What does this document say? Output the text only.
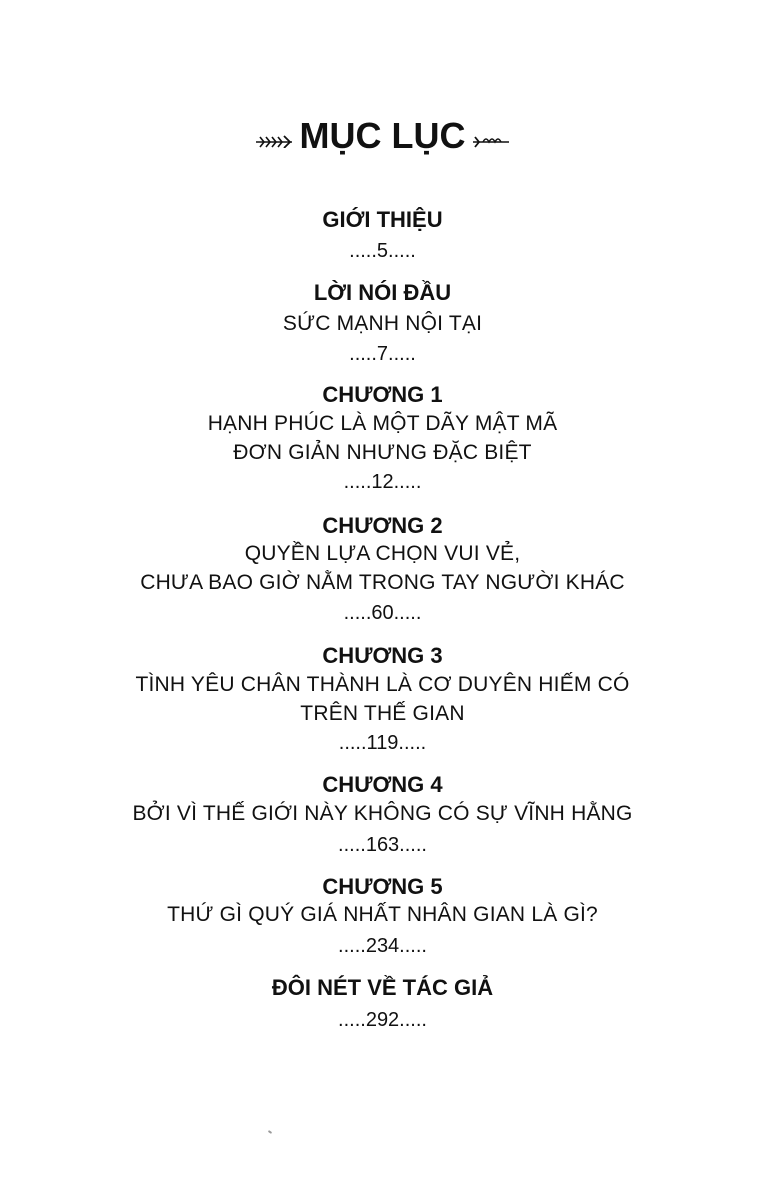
MỤC LỤC
GIỚI THIỆU
.....5.....
LỜI NÓI ĐẦU
SỨC MẠNH NỘI TẠI
.....7.....
CHƯƠNG 1
HẠNH PHÚC LÀ MỘT DÃY MẬT MÃ
ĐƠN GIẢN NHƯNG ĐẶC BIỆT
.....12.....
CHƯƠNG 2
QUYỀN LỰA CHỌN VUI VẺ,
CHƯA BAO GIỜ NẰM TRONG TAY NGƯỜI KHÁC
.....60.....
CHƯƠNG 3
TÌNH YÊU CHÂN THÀNH LÀ CƠ DUYÊN HIẾM CÓ
TRÊN THẾ GIAN
.....119.....
CHƯƠNG 4
BỞI VÌ THẾ GIỚI NÀY KHÔNG CÓ SỰ VĨNH HẰNG
.....163.....
CHƯƠNG 5
THỨ GÌ QUÝ GIÁ NHẤT NHÂN GIAN LÀ GÌ?
.....234.....
ĐÔI NÉT VỀ TÁC GIẢ
.....292.....
